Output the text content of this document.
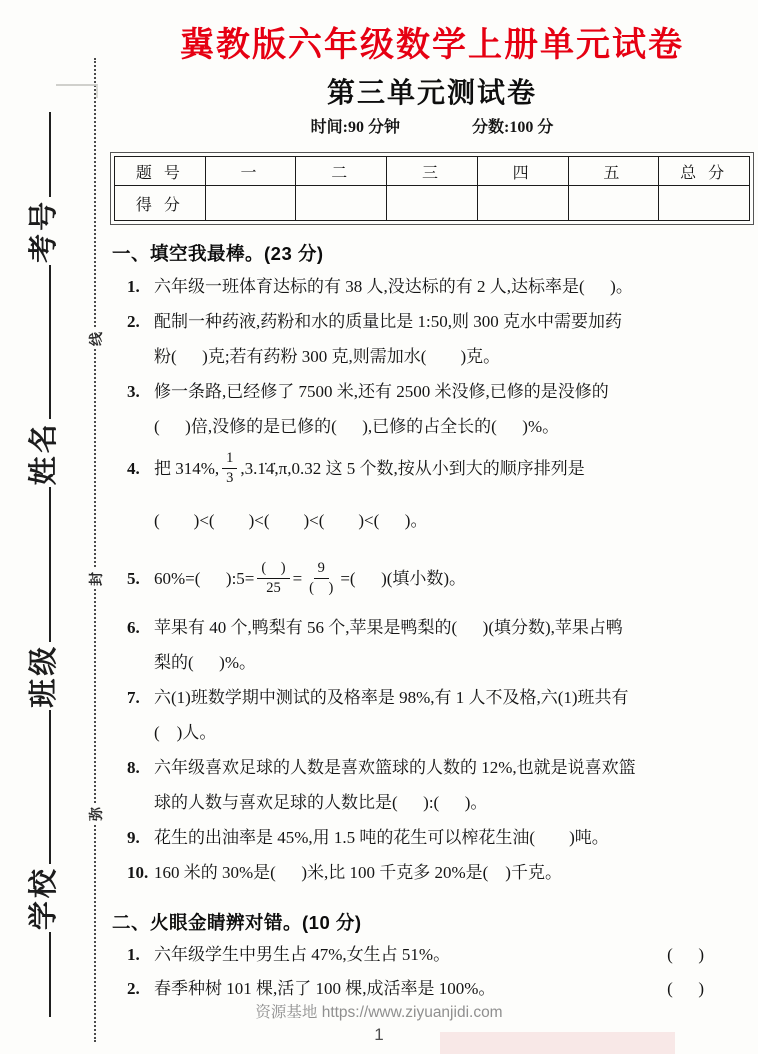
学校
班级
姓名
考号
线
封
弥
冀教版六年级数学上册单元试卷
第三单元测试卷
时间:90 分钟	分数:100 分
题 号	一	二	三	四	五	总 分
得 分						
一、填空我最棒。(23 分)
1. 六年级一班体育达标的有 38 人,没达标的有 2 人,达标率是(      )。
2. 配制一种药液,药粉和水的质量比是 1:50,则 300 克水中需要加药
粉(      )克;若有药粉 300 克,则需加水(        )克。
3. 修一条路,已经修了 7500 米,还有 2500 米没修,已修的是没修的
(      )倍,没修的是已修的(      ),已修的占全长的(      )%。
4. 把 314%, $\frac{1}{3}$ ,3.1̇4̇,π,0.32 这 5 个数,按从小到大的顺序排列是
(        )<(        )<(        )<(        )<(      )。
5. 60%=(      ):5= $\frac{( )}{25} = \frac{9}{( )}$ =(      )(填小数)。
6. 苹果有 40 个,鸭梨有 56 个,苹果是鸭梨的(      )(填分数),苹果占鸭
梨的(      )%。
7. 六(1)班数学期中测试的及格率是 98%,有 1 人不及格,六(1)班共有
(    )人。
8. 六年级喜欢足球的人数是喜欢篮球的人数的 12%,也就是说喜欢篮
球的人数与喜欢足球的人数比是(      ):(      )。
9. 花生的出油率是 45%,用 1.5 吨的花生可以榨花生油(        )吨。
10. 160 米的 30%是(      )米,比 100 千克多 20%是(    )千克。
二、火眼金睛辨对错。(10 分)
1. 六年级学生中男生占 47%,女生占 51%。	(      )
2. 春季种树 101 棵,活了 100 棵,成活率是 100%。	(      )
资源基地 https://www.ziyuanjidi.com
1
